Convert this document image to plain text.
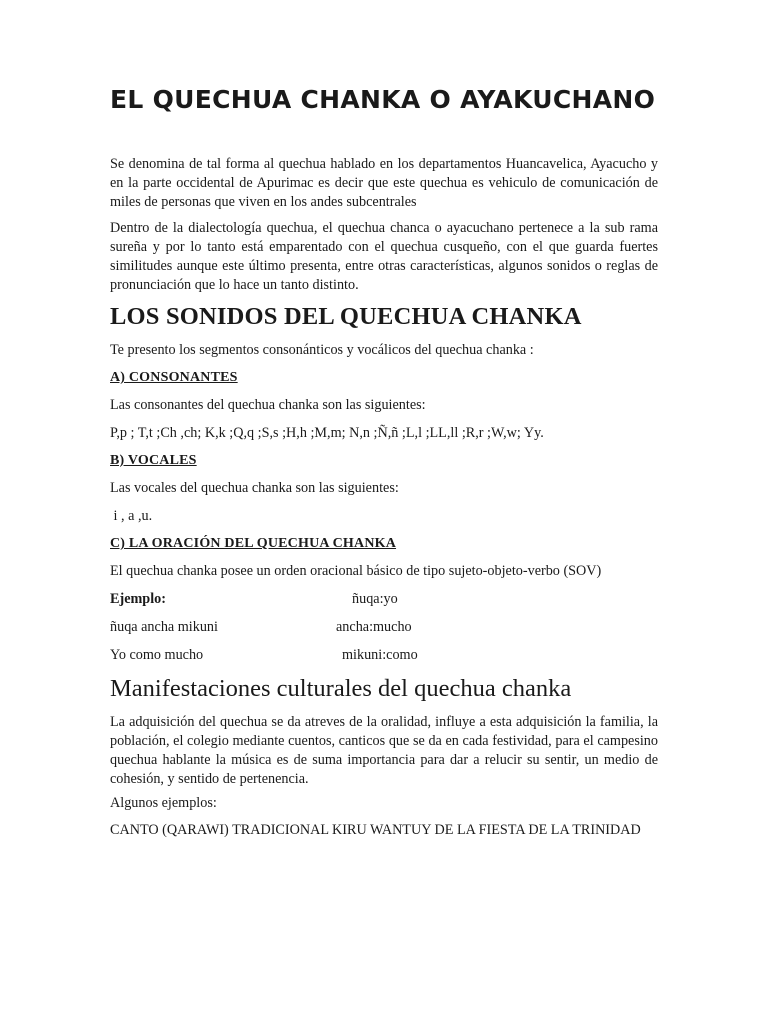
EL QUECHUA CHANKA O AYAKUCHANO

Se denomina de tal forma al quechua hablado en los departamentos Huancavelica, Ayacucho y en la parte occidental de Apurimac es decir que este quechua es vehiculo de comunicación de miles de personas que viven en los andes subcentrales

Dentro de la dialectología quechua, el quechua chanca o ayacuchano pertenece a la sub rama sureña y por lo tanto está emparentado con el quechua cusqueño, con el que guarda fuertes similitudes aunque este último presenta, entre otras características, algunos sonidos o reglas de pronunciación que lo hace un tanto distinto.

LOS SONIDOS DEL QUECHUA CHANKA
Te presento los segmentos consonánticos y vocálicos del quechua chanka :
A) CONSONANTES
Las consonantes del quechua chanka son las siguientes:
P,p ; T,t ;Ch ,ch; K,k ;Q,q ;S,s ;H,h ;M,m; N,n ;Ñ,ñ ;L,l ;LL,ll ;R,r ;W,w; Yy.
B) VOCALES
Las vocales del quechua chanka son las siguientes:
i , a ,u.
C) LA ORACIÓN DEL QUECHUA CHANKA
El quechua chanka posee un orden oracional básico de tipo sujeto-objeto-verbo (SOV)
Ejemplo:	ñuqa:yo
ñuqa ancha mikuni	ancha:mucho
Yo como mucho	mikuni:como
Manifestaciones culturales del quechua chanka

La adquisición del quechua se da atreves de la oralidad, influye a esta adquisición la familia, la población, el colegio mediante cuentos, canticos que se da en cada festividad, para el campesino quechua hablante la música es de suma importancia para dar a relucir su sentir, un medio de cohesión, y sentido de pertenencia.

Algunos ejemplos:

CANTO (QARAWI) TRADICIONAL KIRU WANTUY DE LA FIESTA DE LA TRINIDAD
